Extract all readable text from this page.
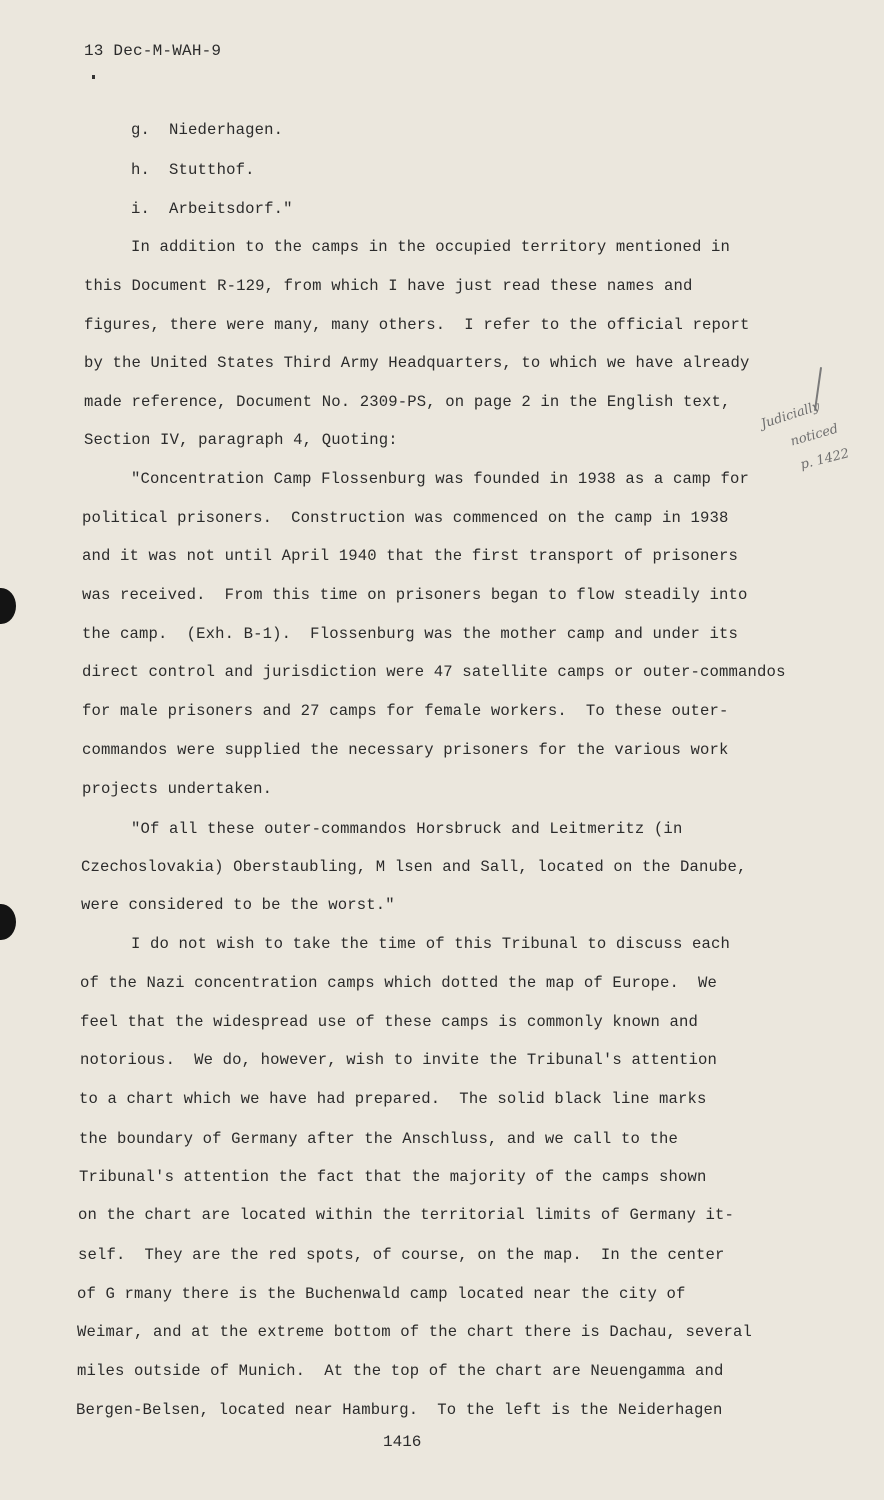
13 Dec-M-WAH-9
g.  Niederhagen.
h.  Stutthof.
i.  Arbeitsdorf."
In addition to the camps in the occupied territory mentioned in
this Document R-129, from which I have just read these names and
figures, there were many, many others.  I refer to the official report
by the United States Third Army Headquarters, to which we have already
made reference, Document No. 2309-PS, on page 2 in the English text,
Section IV, paragraph 4, Quoting:
"Concentration Camp Flossenburg was founded in 1938 as a camp for
political prisoners.  Construction was commenced on the camp in 1938
and it was not until April 1940 that the first transport of prisoners
was received.  From this time on prisoners began to flow steadily into
the camp.  (Exh. B-1).  Flossenburg was the mother camp and under its
direct control and jurisdiction were 47 satellite camps or outer-commandos
for male prisoners and 27 camps for female workers.  To these outer-
commandos were supplied the necessary prisoners for the various work
projects undertaken.
"Of all these outer-commandos Horsbruck and Leitmeritz (in
Czechoslovakia) Oberstaubling, M lsen and Sall, located on the Danube,
were considered to be the worst."
I do not wish to take the time of this Tribunal to discuss each
of the Nazi concentration camps which dotted the map of Europe.  We
feel that the widespread use of these camps is commonly known and
notorious.  We do, however, wish to invite the Tribunal's attention
to a chart which we have had prepared.  The solid black line marks
the boundary of Germany after the Anschluss, and we call to the
Tribunal's attention the fact that the majority of the camps shown
on the chart are located within the territorial limits of Germany it-
self.  They are the red spots, of course, on the map.  In the center
of G rmany there is the Buchenwald camp located near the city of
Weimar, and at the extreme bottom of the chart there is Dachau, several
miles outside of Munich.  At the top of the chart are Neuengamma and
Bergen-Belsen, located near Hamburg.  To the left is the Neiderhagen
Judicially
noticed
p. 1422
1416
